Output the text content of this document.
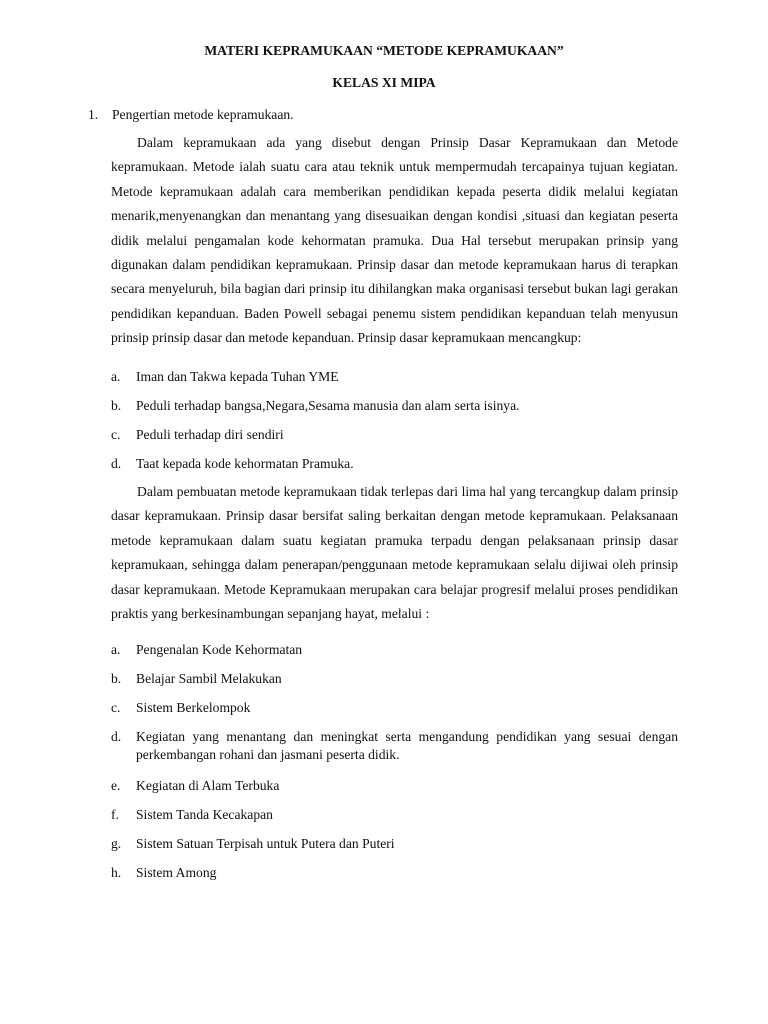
MATERI KEPRAMUKAAN “METODE KEPRAMUKAAN”
KELAS XI MIPA
1. Pengertian metode kepramukaan.

Dalam kepramukaan ada yang disebut dengan Prinsip Dasar Kepramukaan dan Metode kepramukaan. Metode ialah suatu cara atau teknik untuk mempermudah tercapainya tujuan kegiatan. Metode kepramukaan adalah cara memberikan pendidikan kepada peserta didik melalui kegiatan menarik,menyenangkan dan menantang yang disesuaikan dengan kondisi ,situasi dan kegiatan peserta didik melalui pengamalan kode kehormatan pramuka. Dua Hal tersebut merupakan prinsip yang digunakan dalam pendidikan kepramukaan. Prinsip dasar dan metode kepramukaan harus di terapkan secara menyeluruh, bila bagian dari prinsip itu dihilangkan maka organisasi tersebut bukan lagi gerakan pendidikan kepanduan. Baden Powell sebagai penemu sistem pendidikan kepanduan telah menyusun prinsip prinsip dasar dan metode kepanduan. Prinsip dasar kepramukaan mencangkup:

a. Iman dan Takwa kepada Tuhan YME
b. Peduli terhadap bangsa,Negara,Sesama manusia dan alam serta isinya.
c. Peduli terhadap diri sendiri
d. Taat kepada kode kehormatan Pramuka.

Dalam pembuatan metode kepramukaan tidak terlepas dari lima hal yang tercangkup dalam prinsip dasar kepramukaan. Prinsip dasar bersifat saling berkaitan dengan metode kepramukaan. Pelaksanaan metode kepramukaan dalam suatu kegiatan pramuka terpadu dengan pelaksanaan prinsip dasar kepramukaan, sehingga dalam penerapan/penggunaan metode kepramukaan selalu dijiwai oleh prinsip dasar kepramukaan. Metode Kepramukaan merupakan cara belajar progresif melalui proses pendidikan praktis yang berkesinambungan sepanjang hayat, melalui :

a. Pengenalan Kode Kehormatan
b. Belajar Sambil Melakukan
c. Sistem Berkelompok
d. Kegiatan yang menantang dan meningkat serta mengandung pendidikan yang sesuai dengan perkembangan rohani dan jasmani peserta didik.
e. Kegiatan di Alam Terbuka
f. Sistem Tanda Kecakapan
g. Sistem Satuan Terpisah untuk Putera dan Puteri
h. Sistem Among
